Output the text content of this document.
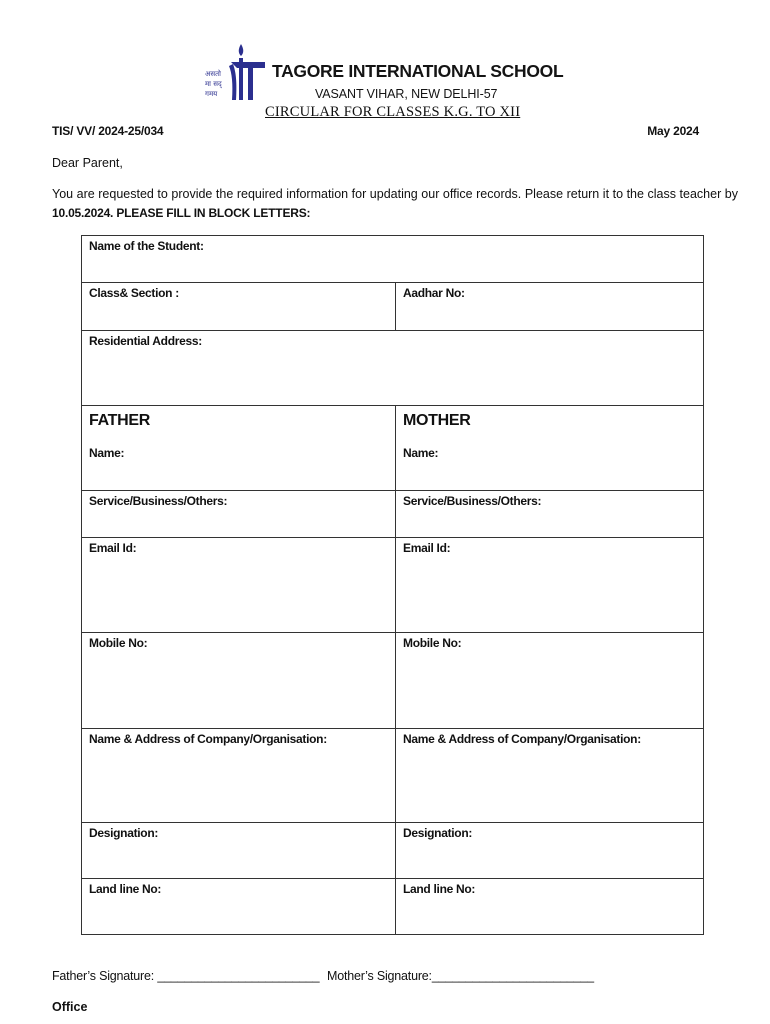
असतो
मा सद्
गमय
TAGORE INTERNATIONAL SCHOOL
VASANT VIHAR, NEW DELHI-57
CIRCULAR FOR CLASSES K.G. TO XII
TIS/ VV/ 2024-25/034	May 2024
Dear Parent,
You are requested to provide the required information for updating our office records. Please return it to the class teacher by
10.05.2024. PLEASE FILL IN BLOCK LETTERS:
Name of the Student:
Class& Section :	Aadhar No:
Residential Address:
FATHER	MOTHER
Name:	Name:
Service/Business/Others:	Service/Business/Others:
Email Id:	Email Id:
Mobile No:	Mobile No:
Name & Address of Company/Organisation:	Name & Address of Company/Organisation:
Designation:	Designation:
Land line No:	Land line No:
Father’s Signature: ________________________ Mother’s Signature:________________________
Office
